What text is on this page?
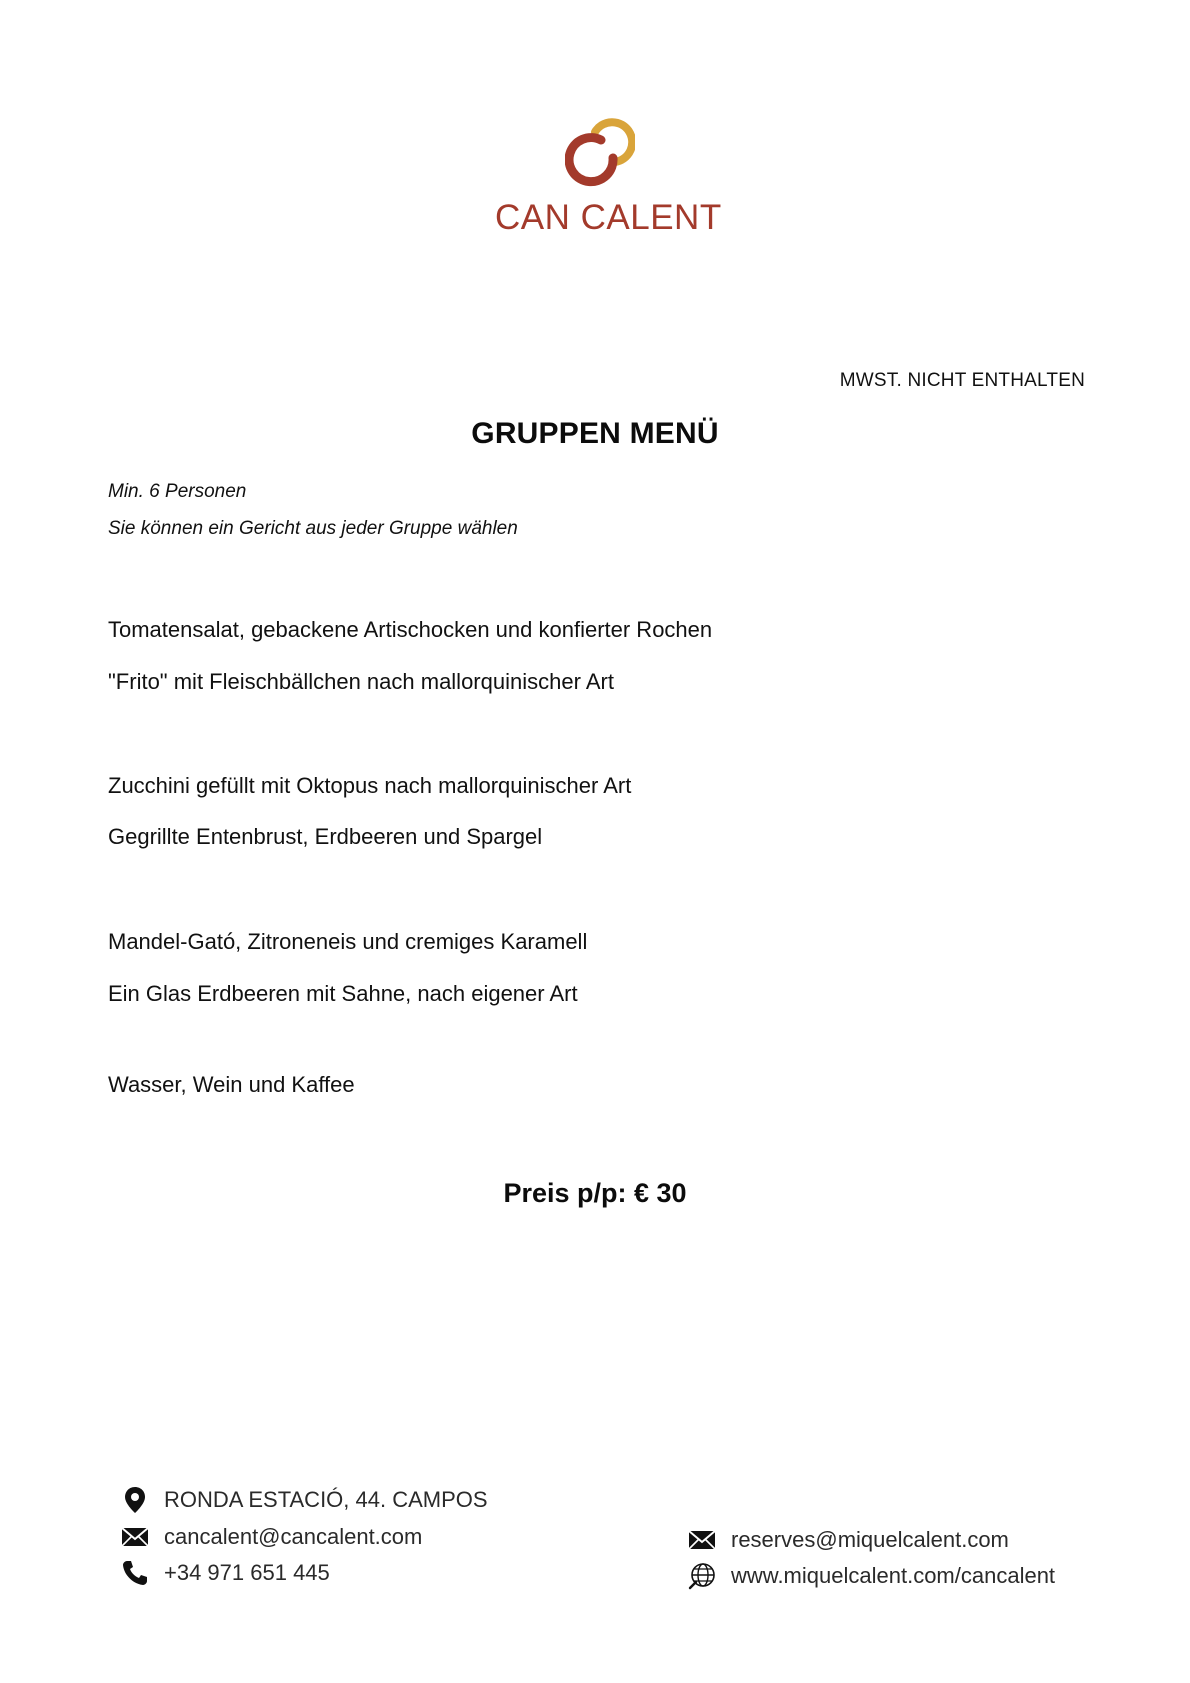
CAN CALENT
MWST. NICHT ENTHALTEN
GRUPPEN MENÜ
Min. 6 Personen
Sie können ein Gericht aus jeder Gruppe wählen
Tomatensalat, gebackene Artischocken und konfierter Rochen
"Frito" mit Fleischbällchen nach mallorquinischer Art
Zucchini gefüllt mit Oktopus nach mallorquinischer Art
Gegrillte Entenbrust, Erdbeeren und Spargel
Mandel-Gató, Zitroneneis und cremiges Karamell
Ein Glas Erdbeeren mit Sahne, nach eigener Art
Wasser, Wein und Kaffee
Preis p/p: € 30
RONDA ESTACIÓ, 44. CAMPOS
cancalent@cancalent.com
+34 971 651 445
reserves@miquelcalent.com
www.miquelcalent.com/cancalent
